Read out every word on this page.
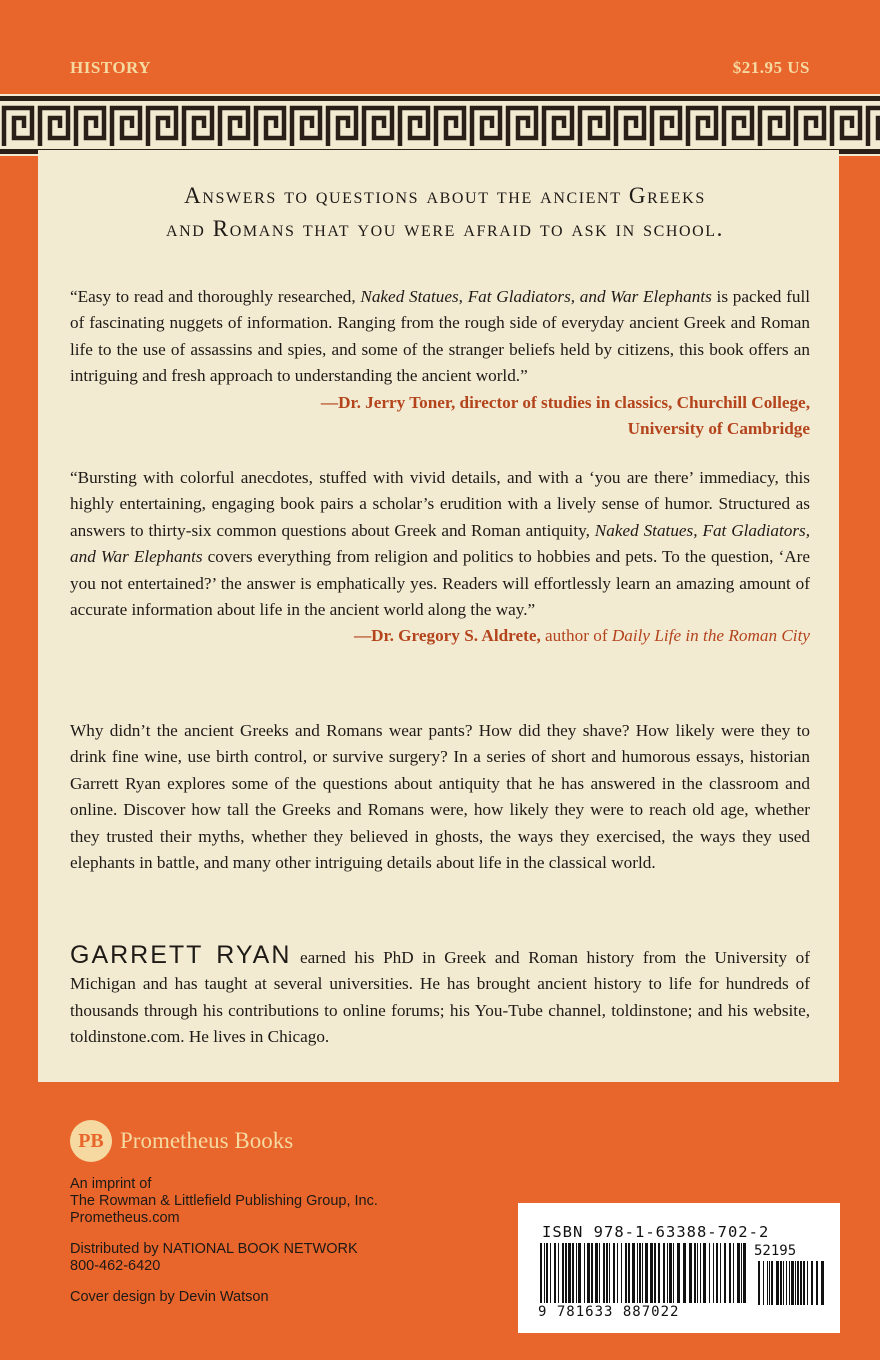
HISTORY	$21.95 US
Answers to questions about the ancient Greeks
and Romans that you were afraid to ask in school.
“Easy to read and thoroughly researched, Naked Statues, Fat Gladiators, and War Elephants is packed full of fascinating nuggets of information. Ranging from the rough side of everyday ancient Greek and Roman life to the use of assassins and spies, and some of the stranger beliefs held by citizens, this book offers an intriguing and fresh approach to understanding the ancient world.”
—Dr. Jerry Toner, director of studies in classics, Churchill College,
University of Cambridge
“Bursting with colorful anecdotes, stuffed with vivid details, and with a ‘you are there’ immediacy, this highly entertaining, engaging book pairs a scholar’s erudition with a lively sense of humor. Structured as answers to thirty-six common questions about Greek and Roman antiquity, Naked Statues, Fat Gladiators, and War Elephants covers everything from religion and politics to hobbies and pets. To the question, ‘Are you not entertained?’ the answer is emphatically yes. Readers will effortlessly learn an amazing amount of accurate information about life in the ancient world along the way.”
—Dr. Gregory S. Aldrete, author of Daily Life in the Roman City
Why didn’t the ancient Greeks and Romans wear pants? How did they shave? How likely were they to drink fine wine, use birth control, or survive surgery? In a series of short and humorous essays, historian Garrett Ryan explores some of the questions about antiquity that he has answered in the classroom and online. Discover how tall the Greeks and Romans were, how likely they were to reach old age, whether they trusted their myths, whether they believed in ghosts, the ways they exercised, the ways they used elephants in battle, and many other intriguing details about life in the classical world.
GARRETT RYAN earned his PhD in Greek and Roman history from the University of Michigan and has taught at several universities. He has brought ancient history to life for hundreds of thousands through his contributions to online forums; his You-Tube channel, toldinstone; and his website, toldinstone.com. He lives in Chicago.
PB Prometheus Books
An imprint of
The Rowman & Littlefield Publishing Group, Inc.
Prometheus.com
Distributed by NATIONAL BOOK NETWORK
800-462-6420
Cover design by Devin Watson
ISBN 978-1-63388-702-2
52195
9 781633 887022
